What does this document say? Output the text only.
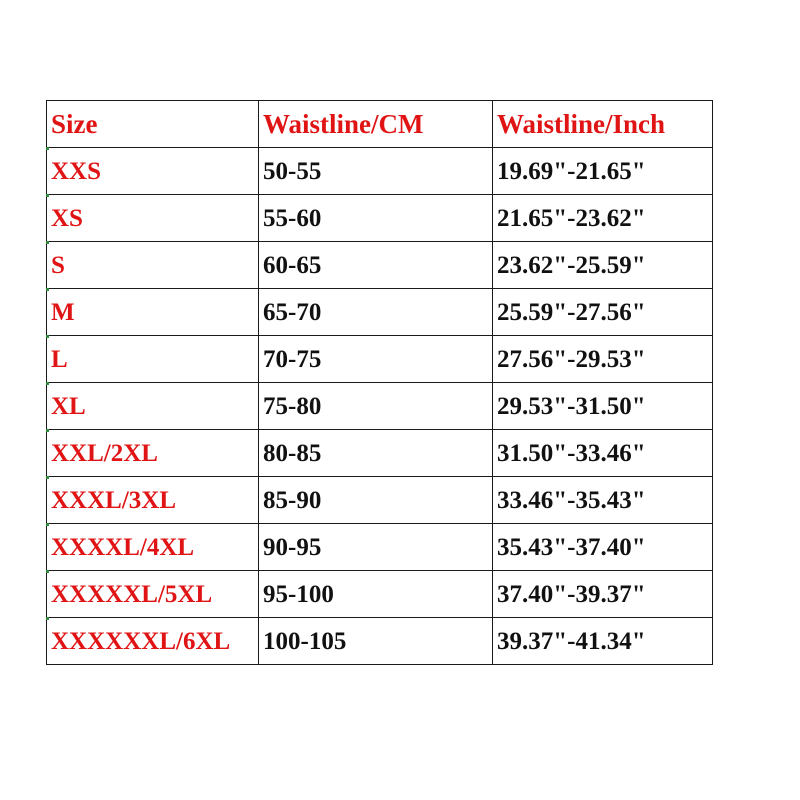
Size	Waistline/CM	Waistline/Inch
XXS	50-55	19.69"-21.65"
XS	55-60	21.65"-23.62"
S	60-65	23.62"-25.59"
M	65-70	25.59"-27.56"
L	70-75	27.56"-29.53"
XL	75-80	29.53"-31.50"
XXL/2XL	80-85	31.50"-33.46"
XXXL/3XL	85-90	33.46"-35.43"
XXXXL/4XL	90-95	35.43"-37.40"
XXXXXL/5XL	95-100	37.40"-39.37"
XXXXXXL/6XL	100-105	39.37"-41.34"
